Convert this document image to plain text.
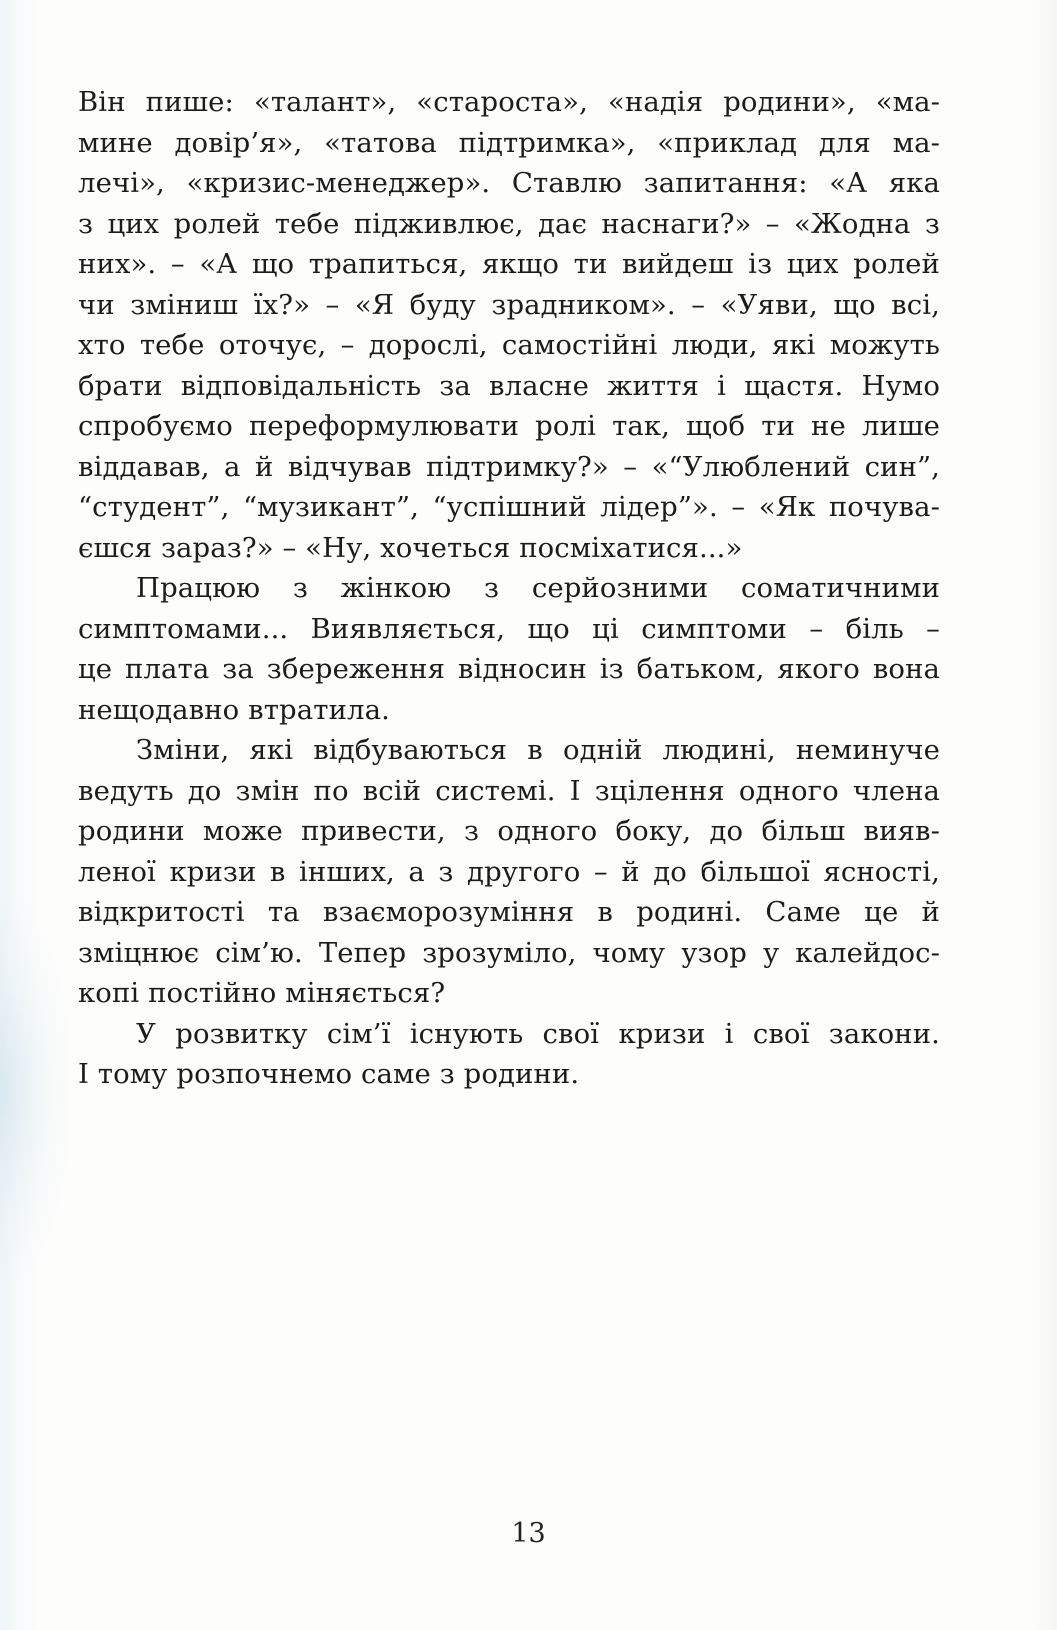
Він пише: «талант», «староста», «надія родини», «ма-
мине довір’я», «татова підтримка», «приклад для ма-
лечі», «кризис-менеджер». Ставлю запитання: «А яка
з цих ролей тебе підживлює, дає наснаги?» – «Жодна з
них». – «А що трапиться, якщо ти вийдеш із цих ролей
чи зміниш їх?» – «Я буду зрадником». – «Уяви, що всі,
хто тебе оточує, – дорослі, самостійні люди, які можуть
брати відповідальність за власне життя і щастя. Нумо
спробуємо переформулювати ролі так, щоб ти не лише
віддавав, а й відчував підтримку?» – «“Улюблений син”,
“студент”, “музикант”, “успішний лідер”». – «Як почува-
єшся зараз?» – «Ну, хочеться посміхатися...»

Працюю з жінкою з серйозними соматичними
симптомами... Виявляється, що ці симптоми – біль –
це плата за збереження відносин із батьком, якого вона
нещодавно втратила.

Зміни, які відбуваються в одній людині, неминуче
ведуть до змін по всій системі. І зцілення одного члена
родини може привести, з одного боку, до більш вияв-
леної кризи в інших, а з другого – й до більшої ясності,
відкритості та взаєморозуміння в родині. Саме це й
зміцнює сім’ю. Тепер зрозуміло, чому узор у калейдос-
копі постійно міняється?

У розвитку сім’ї існують свої кризи і свої закони.
І тому розпочнемо саме з родини.

13
